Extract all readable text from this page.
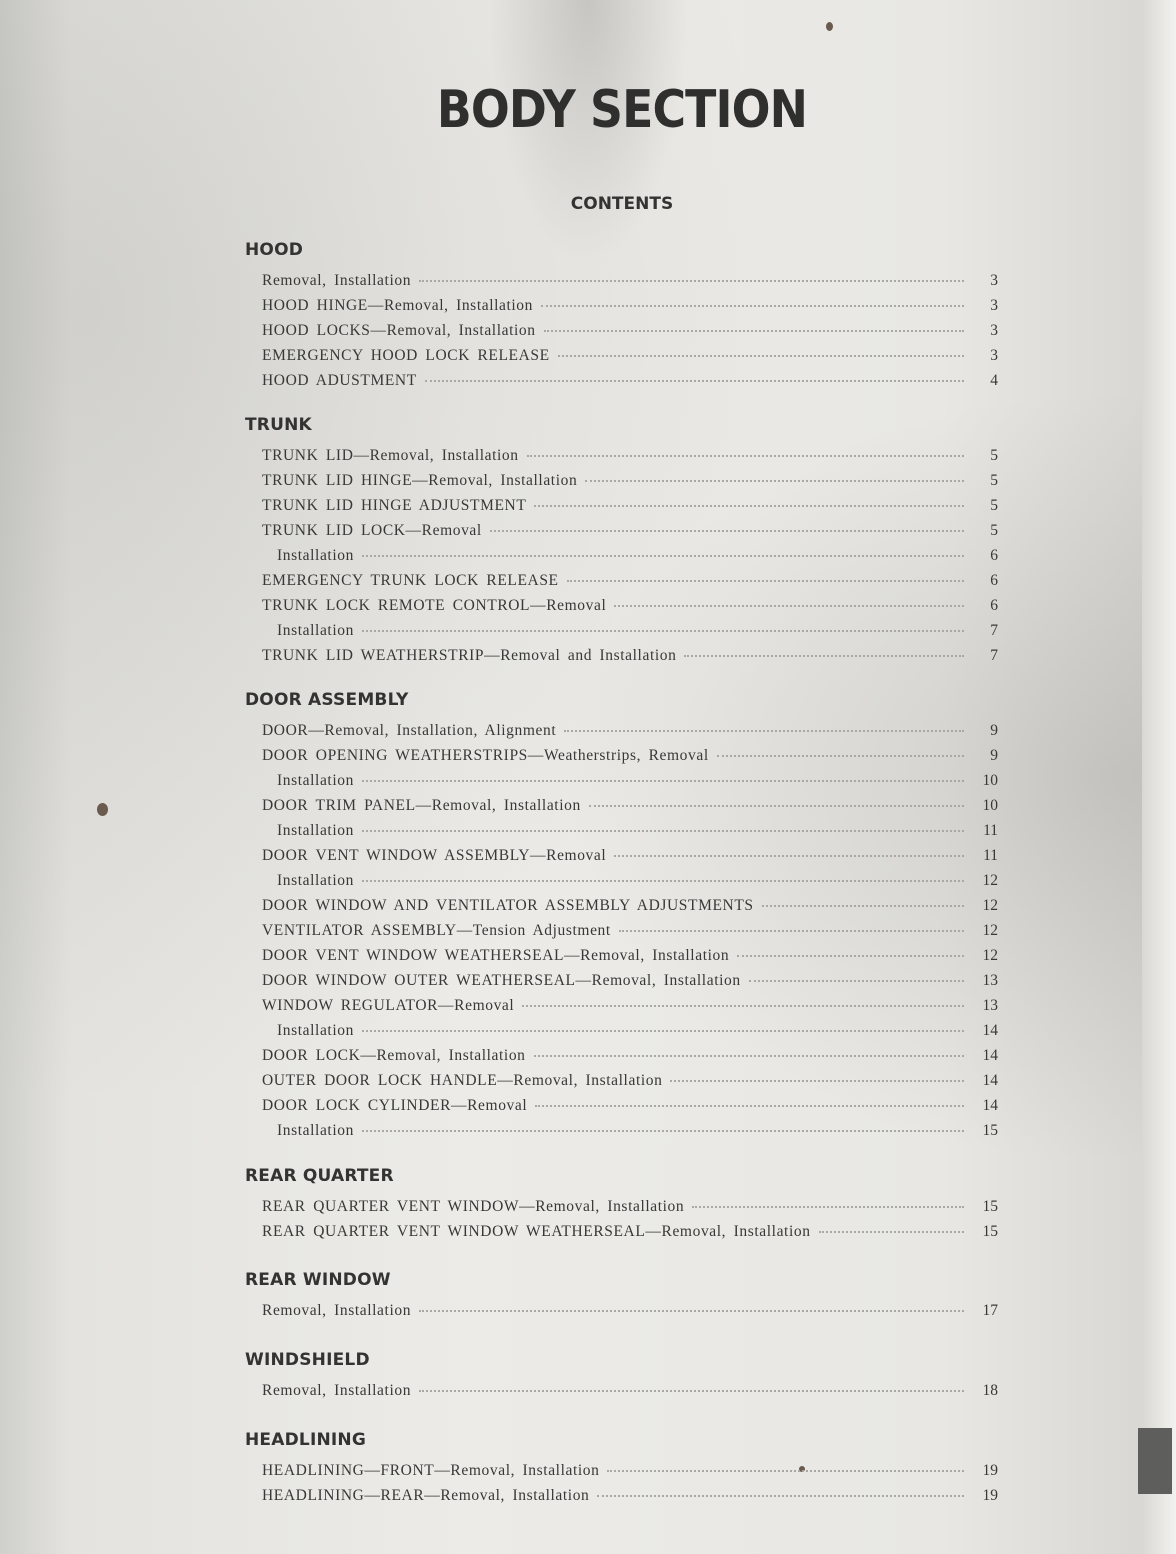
BODY SECTION
CONTENTS
HOOD
Removal, Installation	3
HOOD HINGE—Removal, Installation	3
HOOD LOCKS—Removal, Installation	3
EMERGENCY HOOD LOCK RELEASE	3
HOOD ADUSTMENT	4
TRUNK
TRUNK LID—Removal, Installation	5
TRUNK LID HINGE—Removal, Installation	5
TRUNK LID HINGE ADJUSTMENT	5
TRUNK LID LOCK—Removal	5
Installation	6
EMERGENCY TRUNK LOCK RELEASE	6
TRUNK LOCK REMOTE CONTROL—Removal	6
Installation	7
TRUNK LID WEATHERSTRIP—Removal and Installation	7
DOOR ASSEMBLY
DOOR—Removal, Installation, Alignment	9
DOOR OPENING WEATHERSTRIPS—Weatherstrips, Removal	9
Installation	10
DOOR TRIM PANEL—Removal, Installation	10
Installation	11
DOOR VENT WINDOW ASSEMBLY—Removal	11
Installation	12
DOOR WINDOW AND VENTILATOR ASSEMBLY ADJUSTMENTS	12
VENTILATOR ASSEMBLY—Tension Adjustment	12
DOOR VENT WINDOW WEATHERSEAL—Removal, Installation	12
DOOR WINDOW OUTER WEATHERSEAL—Removal, Installation	13
WINDOW REGULATOR—Removal	13
Installation	14
DOOR LOCK—Removal, Installation	14
OUTER DOOR LOCK HANDLE—Removal, Installation	14
DOOR LOCK CYLINDER—Removal	14
Installation	15
REAR QUARTER
REAR QUARTER VENT WINDOW—Removal, Installation	15
REAR QUARTER VENT WINDOW WEATHERSEAL—Removal, Installation	15
REAR WINDOW
Removal, Installation	17
WINDSHIELD
Removal, Installation	18
HEADLINING
HEADLINING—FRONT—Removal, Installation	19
HEADLINING—REAR—Removal, Installation	19
